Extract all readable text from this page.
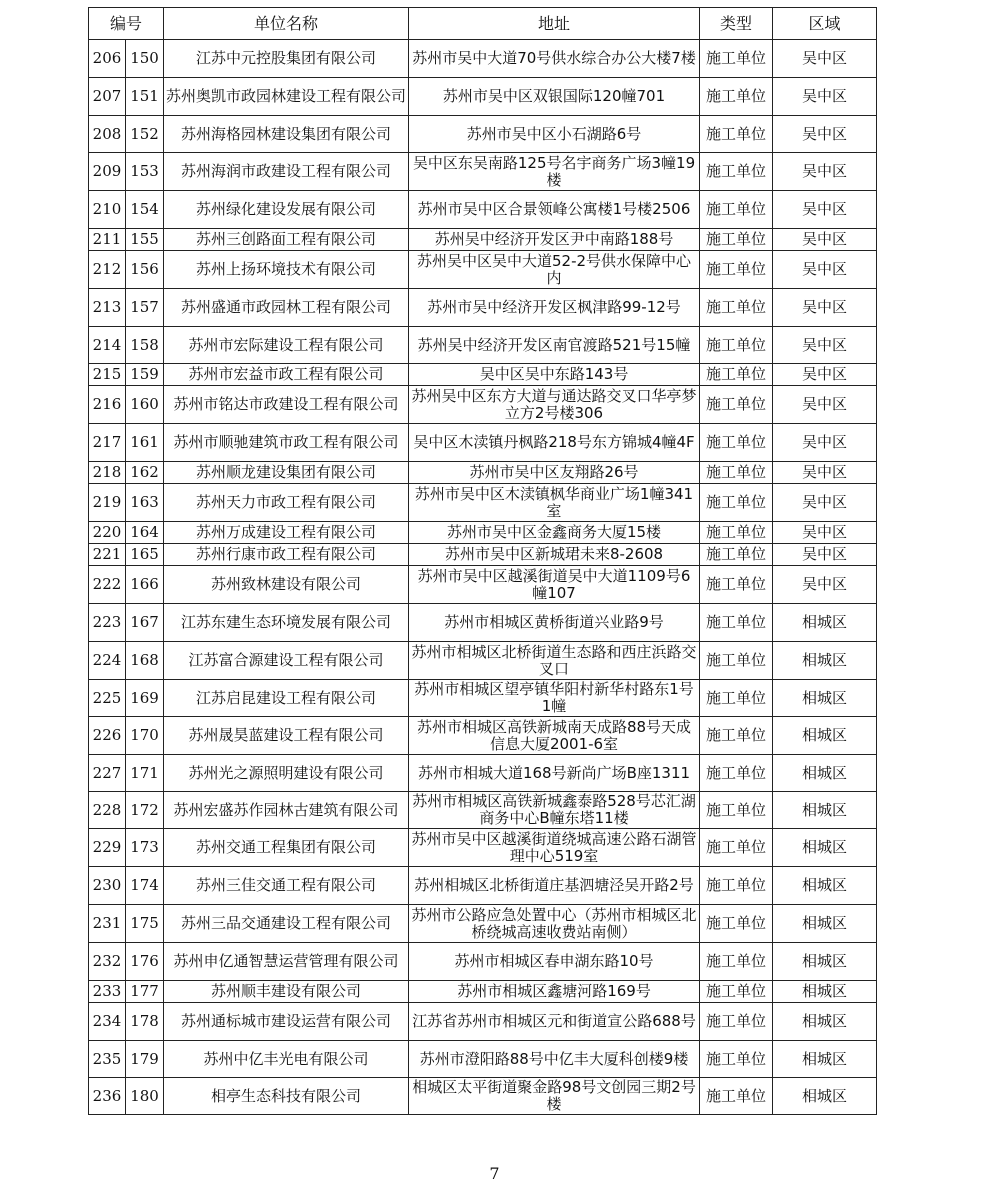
编号		单位名称	地址	类型	区域
206	150	江苏中元控股集团有限公司	苏州市吴中大道70号供水综合办公大楼7楼	施工单位	吴中区
207	151	苏州奥凯市政园林建设工程有限公司	苏州市吴中区双银国际120幢701	施工单位	吴中区
208	152	苏州海格园林建设集团有限公司	苏州市吴中区小石湖路6号	施工单位	吴中区
209	153	苏州海润市政建设工程有限公司	吴中区东吴南路125号名宇商务广场3幢19楼	施工单位	吴中区
210	154	苏州绿化建设发展有限公司	苏州市吴中区合景领峰公寓楼1号楼2506	施工单位	吴中区
211	155	苏州三创路面工程有限公司	苏州吴中经济开发区尹中南路188号	施工单位	吴中区
212	156	苏州上扬环境技术有限公司	苏州吴中区吴中大道52-2号供水保障中心内	施工单位	吴中区
213	157	苏州盛通市政园林工程有限公司	苏州市吴中经济开发区枫津路99-12号	施工单位	吴中区
214	158	苏州市宏际建设工程有限公司	苏州吴中经济开发区南官渡路521号15幢	施工单位	吴中区
215	159	苏州市宏益市政工程有限公司	吴中区吴中东路143号	施工单位	吴中区
216	160	苏州市铭达市政建设工程有限公司	苏州吴中区东方大道与通达路交叉口华亭梦立方2号楼306	施工单位	吴中区
217	161	苏州市顺驰建筑市政工程有限公司	吴中区木渎镇丹枫路218号东方锦城4幢4F	施工单位	吴中区
218	162	苏州顺龙建设集团有限公司	苏州市吴中区友翔路26号	施工单位	吴中区
219	163	苏州天力市政工程有限公司	苏州市吴中区木渎镇枫华商业广场1幢341室	施工单位	吴中区
220	164	苏州万成建设工程有限公司	苏州市吴中区金鑫商务大厦15楼	施工单位	吴中区
221	165	苏州行康市政工程有限公司	苏州市吴中区新城珺未来8-2608	施工单位	吴中区
222	166	苏州致林建设有限公司	苏州市吴中区越溪街道吴中大道1109号6幢107	施工单位	吴中区
223	167	江苏东建生态环境发展有限公司	苏州市相城区黄桥街道兴业路9号	施工单位	相城区
224	168	江苏富合源建设工程有限公司	苏州市相城区北桥街道生态路和西庄浜路交叉口	施工单位	相城区
225	169	江苏启昆建设工程有限公司	苏州市相城区望亭镇华阳村新华村路东1号1幢	施工单位	相城区
226	170	苏州晟昊蓝建设工程有限公司	苏州市相城区高铁新城南天成路88号天成信息大厦2001-6室	施工单位	相城区
227	171	苏州光之源照明建设有限公司	苏州市相城大道168号新尚广场B座1311	施工单位	相城区
228	172	苏州宏盛苏作园林古建筑有限公司	苏州市相城区高铁新城鑫泰路528号芯汇湖商务中心B幢东塔11楼	施工单位	相城区
229	173	苏州交通工程集团有限公司	苏州市吴中区越溪街道绕城高速公路石湖管理中心519室	施工单位	相城区
230	174	苏州三佳交通工程有限公司	苏州相城区北桥街道庄基泗塘泾吴开路2号	施工单位	相城区
231	175	苏州三品交通建设工程有限公司	苏州市公路应急处置中心（苏州市相城区北桥绕城高速收费站南侧）	施工单位	相城区
232	176	苏州申亿通智慧运营管理有限公司	苏州市相城区春申湖东路10号	施工单位	相城区
233	177	苏州顺丰建设有限公司	苏州市相城区鑫塘河路169号	施工单位	相城区
234	178	苏州通标城市建设运营有限公司	江苏省苏州市相城区元和街道宣公路688号	施工单位	相城区
235	179	苏州中亿丰光电有限公司	苏州市澄阳路88号中亿丰大厦科创楼9楼	施工单位	相城区
236	180	相亭生态科技有限公司	相城区太平街道聚金路98号文创园三期2号楼	施工单位	相城区
7
